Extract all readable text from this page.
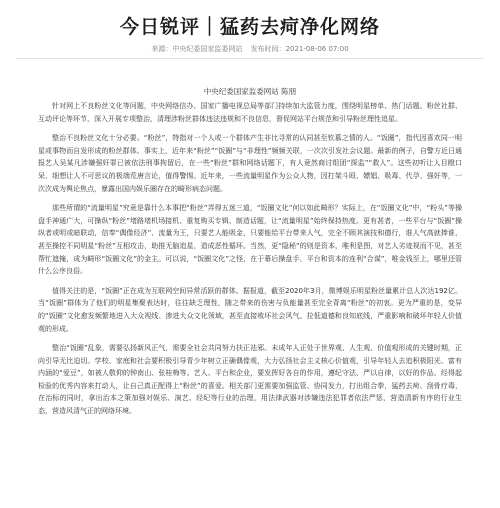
今日锐评｜猛药去疴净化网络
来源：中央纪委国家监委网站 发布时间：2021-08-06 07:00
中央纪委国家监委网站 陈朋

针对网上不良粉丝文化等问题，中央网络信办、国家广播电视总局等部门持续加大监管力度，围绕明星榜单、热门话题、粉丝社群、互动评论等环节，深入开展专项整治，清理涉粉丝群体违法违规和不良信息，督促网站平台规范和引导粉丝理性追星。

整治不良粉丝文化十分必要。“粉丝”，特指对一个人或一个群体产生非比寻常的认同甚至钦慕之情的人。“饭圈”，指代因喜欢同一明星或事物而自发形成的粉丝群体。事实上，近年来“粉丝”“饭圈”与“非理性”频频关联，一次次引发社会议题。最新的例子，自警方近日通报艺人吴某凡涉嫌强奸罪已被依法刑事拘留后，在一些“粉丝”群和网络话题下，有人竟然商讨组团“探监”“救人”。这些初听让人目瞪口呆、细想让人不可思议的极端荒唐言论，值得警惕。近年来，一些流量明星作为公众人物，因打架斗殴、嫖娼、吸毒、代孕、强奸等，一次次成为舆论焦点，暴露出国内娱乐圈存在的畸形病态问题。

那些所谓的“流量明星”究竟是靠什么本事把“粉丝”弄得五迷三道，“饭圈文化”何以如此畸形？实际上，在“饭圈文化”中，“粉头”等操盘手神通广大，可操纵“粉丝”堵路堵机场接机、重复购买专辑、制造话题，让“流量明星”始终保持热度。更有甚者，一些平台与“饭圈”操纵者或明或暗联动，信奉“偶像经济”、流量为王，只要艺人能吸金，只要能给平台带来人气，完全不顾其演技和德行，谁人气高就捧谁，甚至操控不同明星“粉丝”互相攻击，助推无脑追星，造成恶性循环。当然，更“隐秘”的则是资本，唯利是图，对艺人劣迹视而不见，甚至帮忙遮掩，成为畸形“饭圈文化”的金主。可以说，“饭圈文化”之怪，在于幕后操盘手、平台和资本的连利“合谋”，唯金钱至上，哪里还管什么公序良俗。

值得关注的是，“饭圈”正在成为互联网空间异常活跃的群体。据报道，截至2020年3月，微博娱乐明星粉丝量累计总人次达192亿。当“饭圈”群体为了他们的明星集聚表达时，往往缺乏理性，随之带来的伤害与负能量甚至完全背离“粉丝”的初衷。更为严重的是，变异的“饭圈”文化愈发频繁地进入大众视线、渗进大众文化领域，甚至直接败坏社会风气、拉低道德和良知底线，严重影响和破坏年轻人价值观的形成。

整治“饭圈”乱象，需要弘扬新风正气，需要全社会共同努力扶正祛邪。未成年人正处于世界观、人生观、价值观形成的关键时期，正向引导无比迫切。学校、家庭和社会要积极引导青少年树立正确偶像观，大力弘扬社会主义核心价值观，引导年轻人去追积极阳光、富有内涵的“爱豆”，如被人敬仰的钟南山、张桂梅等。艺人、平台和企业，要发挥好各自的作用，遵纪守法、严以自律，以好的作品、经得起检验的优秀内容来打动人，让自己真正配得上“粉丝”的喜爱。相关部门更需要加强监管、协同发力，打出组合拳，猛药去疴、刮骨疗毒，在治标的同时，拿出治本之策加强对娱乐、演艺、经纪等行业的治理，用法律武器对涉嫌违法犯罪者依法严惩，营造清新有序的行业生态，营造风清气正的网络环境。
